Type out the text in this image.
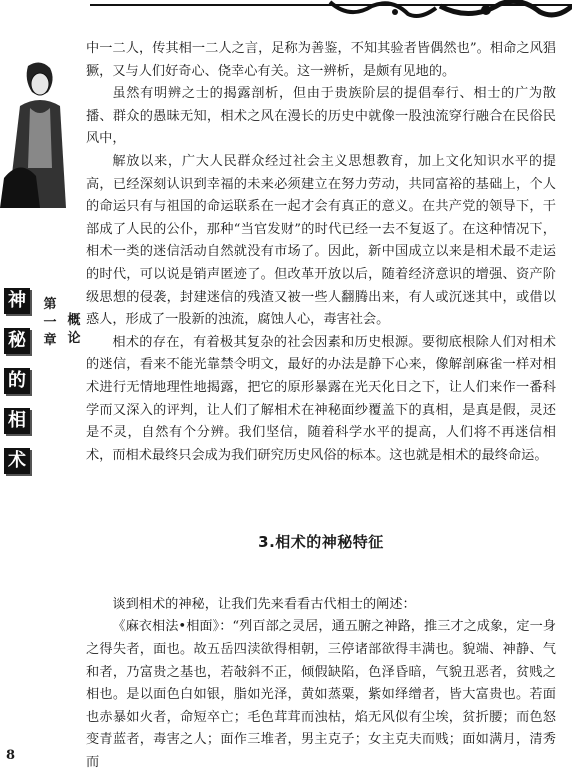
神
秘
的
相
术
第
一
章
概
论

中一二人，传其相一二人之言，足称为善鉴，不知其验者皆偶然也”。相命之风猖獗，又与人们好奇心、侥幸心有关。这一辨析，是颇有见地的。

虽然有明辨之士的揭露剖析，但由于贵族阶层的提倡奉行、相士的广为散播、群众的愚昧无知，相术之风在漫长的历史中就像一股浊流穿行融合在民俗民风中，

解放以来，广大人民群众经过社会主义思想教育，加上文化知识水平的提高，已经深刻认识到幸福的未来必须建立在努力劳动，共同富裕的基础上，个人的命运只有与祖国的命运联系在一起才会有真正的意义。在共产党的领导下，干部成了人民的公仆，那种“当官发财”的时代已经一去不复返了。在这种情况下，相术一类的迷信活动自然就没有市场了。因此，新中国成立以来是相术最不走运的时代，可以说是销声匿迹了。但改革开放以后，随着经济意识的增强、资产阶级思想的侵袭，封建迷信的残渣又被一些人翻腾出来，有人或沉迷其中，或借以惑人，形成了一股新的浊流，腐蚀人心，毒害社会。

相术的存在，有着极其复杂的社会因素和历史根源。要彻底根除人们对相术的迷信，看来不能光靠禁令明文，最好的办法是静下心来，像解剖麻雀一样对相术进行无情地理性地揭露，把它的原形暴露在光天化日之下，让人们来作一番科学而又深入的评判，让人们了解相术在神秘面纱覆盖下的真相，是真是假，灵还是不灵，自然有个分辨。我们坚信，随着科学水平的提高，人们将不再迷信相术，而相术最终只会成为我们研究历史风俗的标本。这也就是相术的最终命运。

3.相术的神秘特征

谈到相术的神秘，让我们先来看看古代相士的阐述：

《麻衣相法•相面》：“列百部之灵居，通五腑之神路，推三才之成象，定一身之得失者，面也。故五岳四渎欲得相朝，三停诸部欲得丰满也。貌端、神静、气和者，乃富贵之基也，若敧斜不正，倾假缺陷，色泽昏暗，气貌丑恶者，贫贱之相也。是以面色白如银，脂如光泽，黄如蒸粟，紫如绎缯者，皆大富贵也。若面也赤暴如火者，命短卒亡；毛色茸茸而浊枯，焰无风似有尘埃，贫折腰；而色怒变青蓝者，毒害之人；面作三堆者，男主克子；女主克夫而贱；面如满月，清秀而

8
